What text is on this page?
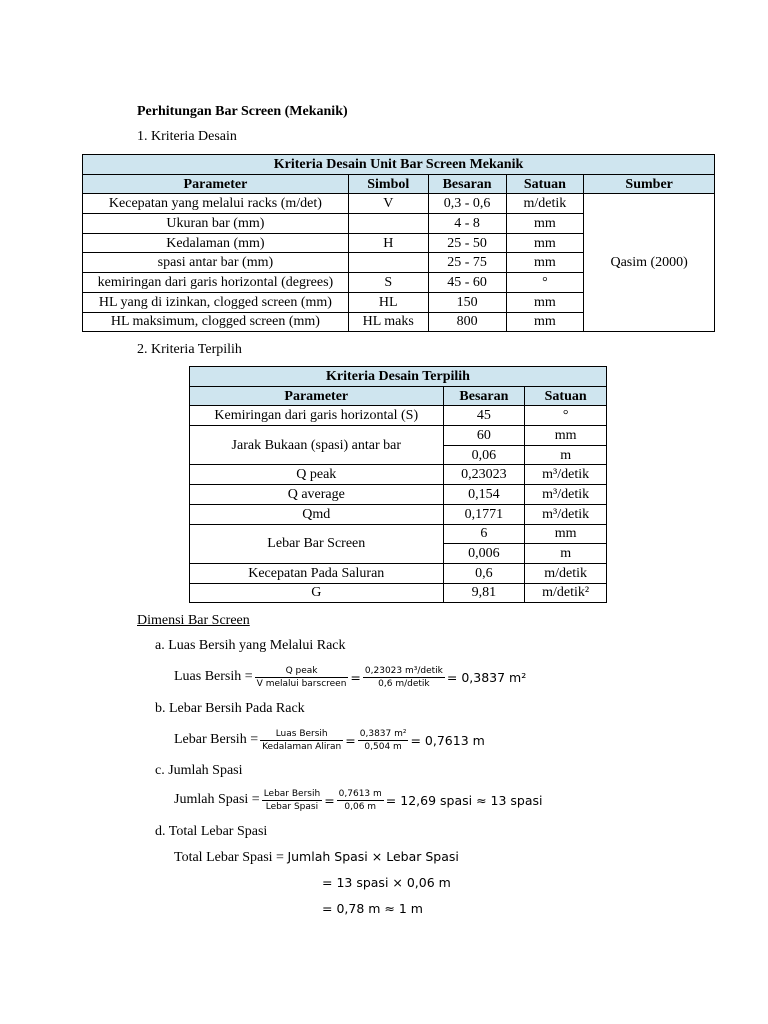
Perhitungan Bar Screen (Mekanik)
1. Kriteria Desain
Kriteria Desain Unit Bar Screen Mekanik				
Parameter	Simbol	Besaran	Satuan	Sumber
Kecepatan yang melalui racks (m/det)	V	0,3 - 0,6	m/detik	Qasim (2000)
Ukuran bar (mm)		4 - 8	mm	
Kedalaman (mm)	H	25 - 50	mm	
spasi antar bar (mm)		25 - 75	mm	
kemiringan dari garis horizontal (degrees)	S	45 - 60	°	
HL yang di izinkan, clogged screen (mm)	HL	150	mm	
HL maksimum, clogged screen (mm)	HL maks	800	mm	
2. Kriteria Terpilih
Kriteria Desain Terpilih		
Parameter	Besaran	Satuan
Kemiringan dari garis horizontal (S)	45	°
Jarak Bukaan (spasi) antar bar	60	mm
	0,06	m
Q peak	0,23023	m³/detik
Q average	0,154	m³/detik
Qmd	0,1771	m³/detik
Lebar Bar Screen	6	mm
	0,006	m
Kecepatan Pada Saluran	0,6	m/detik
G	9,81	m/detik²
Dimensi Bar Screen
a. Luas Bersih yang Melalui Rack
Luas Bersih = $\frac{\text{Q peak}}{\text{V melalui barscreen}} = \frac{\text{0,23023 m³/detik}}{\text{0,6 m/detik}} = 0,3837$ m²
b. Lebar Bersih Pada Rack
Lebar Bersih = $\frac{\text{Luas Bersih}}{\text{Kedalaman Aliran}} = \frac{\text{0,3837 m²}}{0,504 m} = 0,7613$ m
c. Jumlah Spasi
Jumlah Spasi = $\frac{\text{Lebar Bersih}}{\text{Lebar Spasi}} = \frac{0,7613 m}{0,06 m} = 12,69$ spasi ≈ 13 spasi
d. Total Lebar Spasi
Total Lebar Spasi = Jumlah Spasi × Lebar Spasi
= 13 spasi × 0,06 m
= 0,78 m ≈ 1 m
